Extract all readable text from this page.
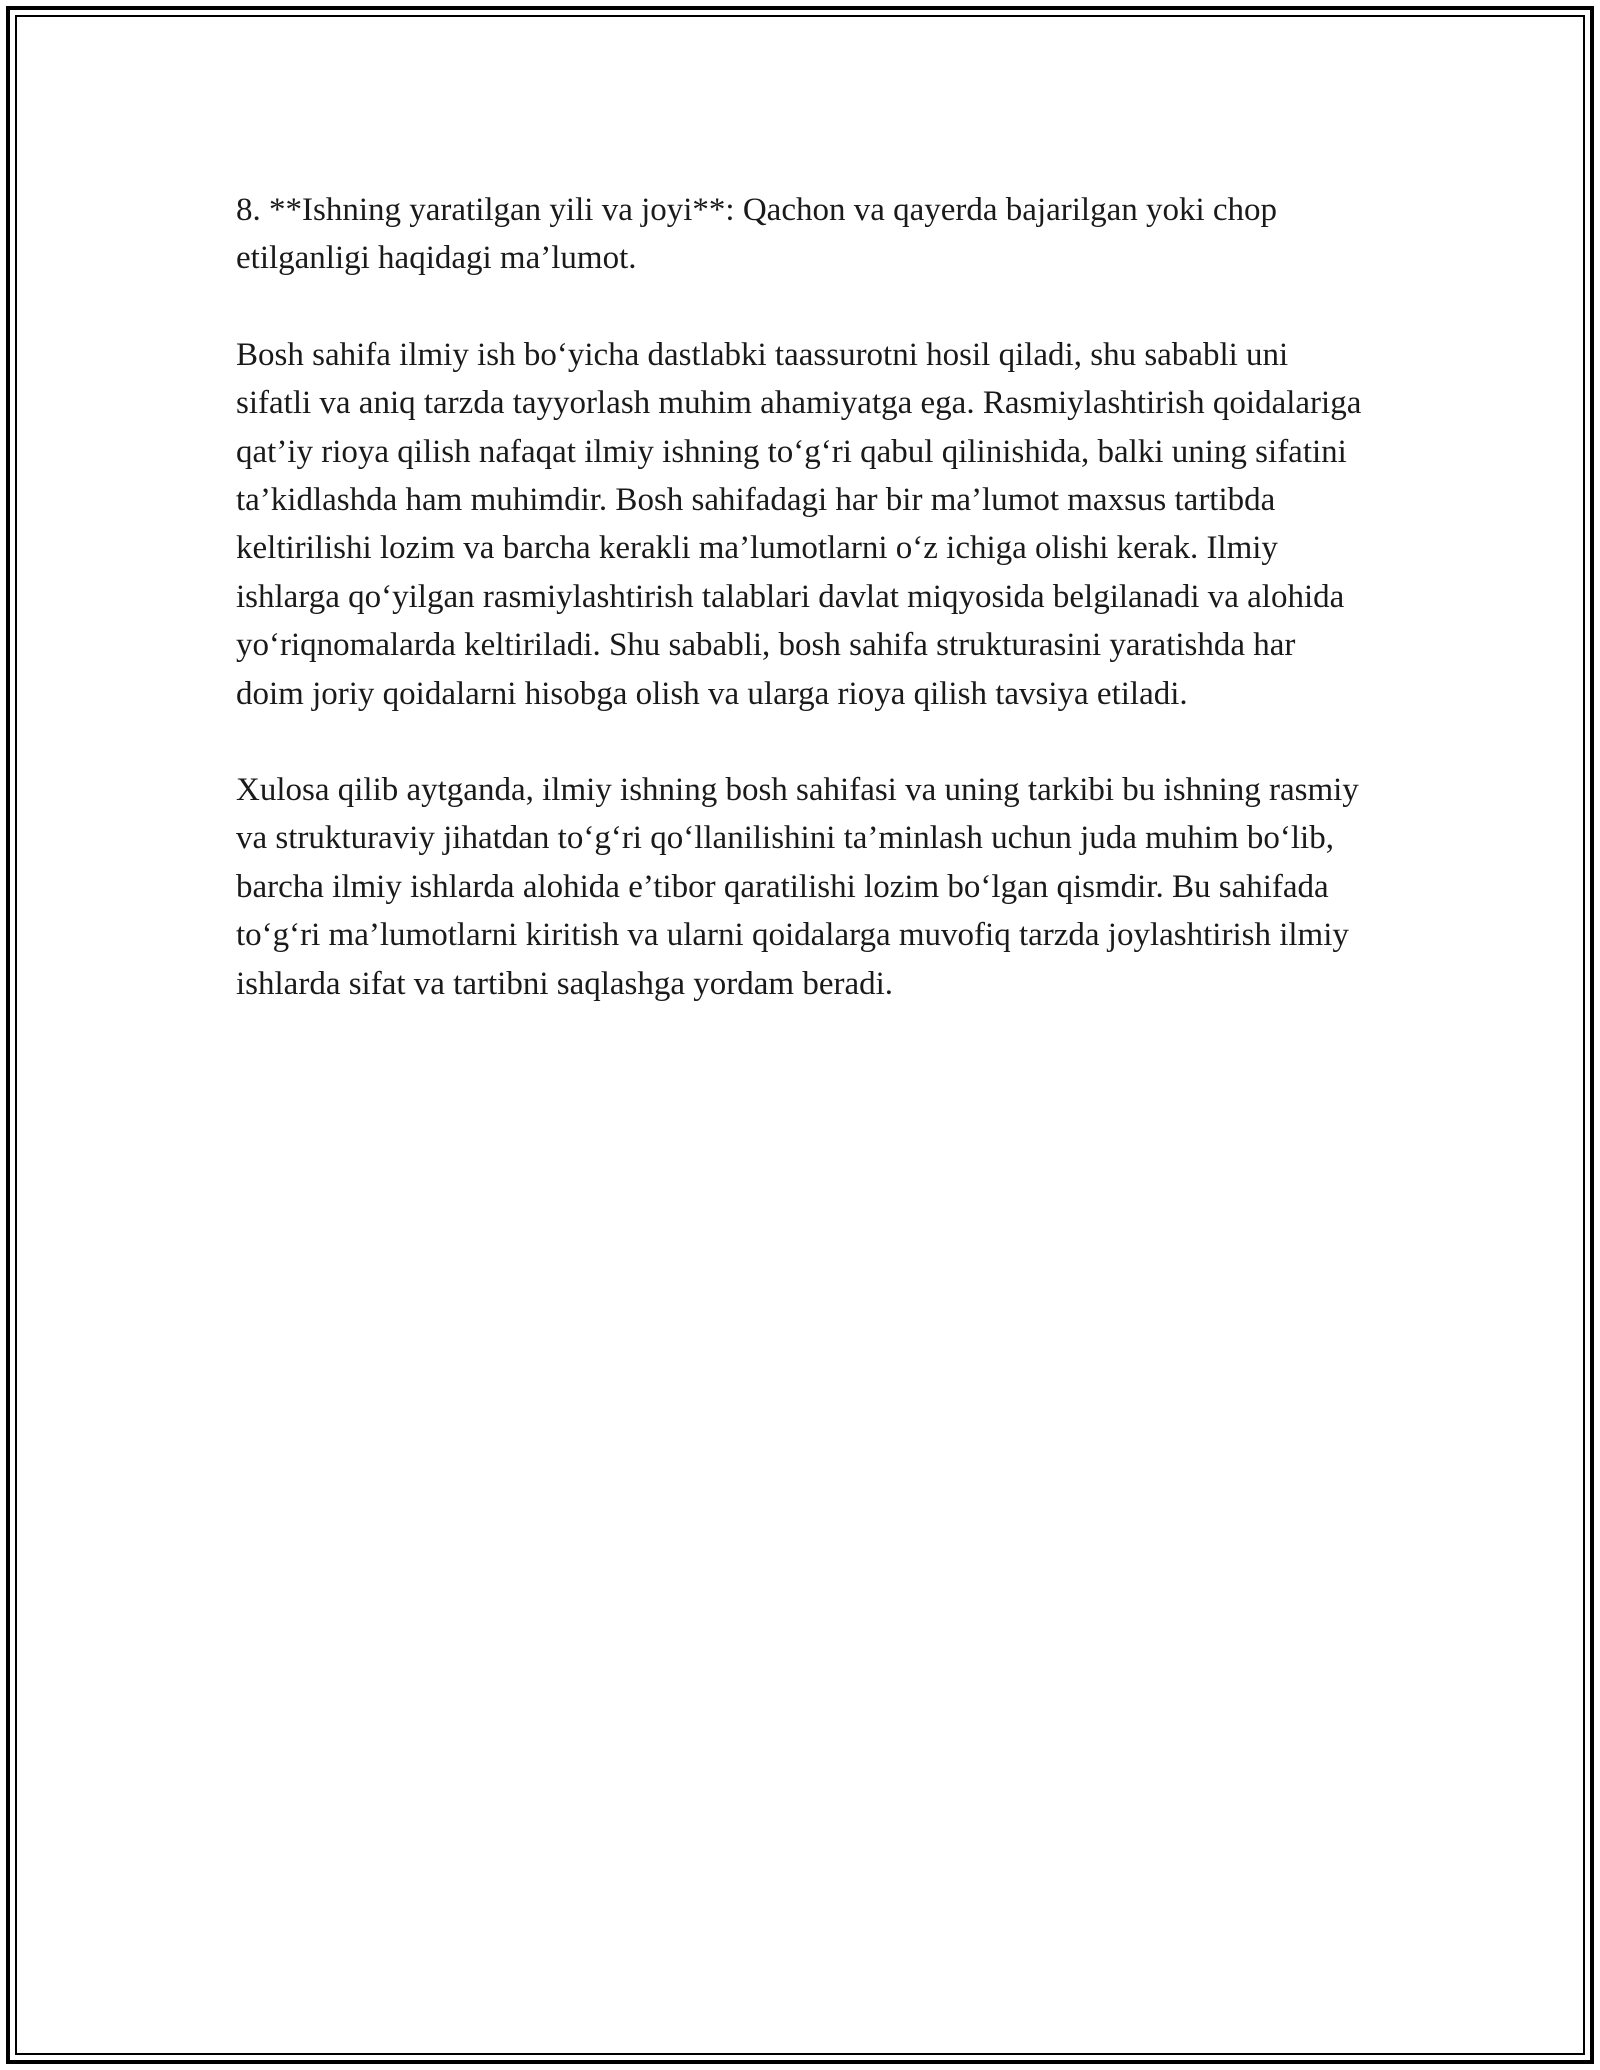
8. **Ishning yaratilgan yili va joyi**: Qachon va qayerda bajarilgan yoki chop etilganligi haqidagi ma’lumot.

Bosh sahifa ilmiy ish bo‘yicha dastlabki taassurotni hosil qiladi, shu sababli uni sifatli va aniq tarzda tayyorlash muhim ahamiyatga ega. Rasmiylashtirish qoidalariga qat’iy rioya qilish nafaqat ilmiy ishning to‘g‘ri qabul qilinishida, balki uning sifatini ta’kidlashda ham muhimdir. Bosh sahifadagi har bir ma’lumot maxsus tartibda keltirilishi lozim va barcha kerakli ma’lumotlarni o‘z ichiga olishi kerak. Ilmiy ishlarga qo‘yilgan rasmiylashtirish talablari davlat miqyosida belgilanadi va alohida yo‘riqnomalarda keltiriladi. Shu sababli, bosh sahifa strukturasini yaratishda har doim joriy qoidalarni hisobga olish va ularga rioya qilish tavsiya etiladi.

Xulosa qilib aytganda, ilmiy ishning bosh sahifasi va uning tarkibi bu ishning rasmiy va strukturaviy jihatdan to‘g‘ri qo‘llanilishini ta’minlash uchun juda muhim bo‘lib, barcha ilmiy ishlarda alohida e’tibor qaratilishi lozim bo‘lgan qismdir. Bu sahifada to‘g‘ri ma’lumotlarni kiritish va ularni qoidalarga muvofiq tarzda joylashtirish ilmiy ishlarda sifat va tartibni saqlashga yordam beradi.
